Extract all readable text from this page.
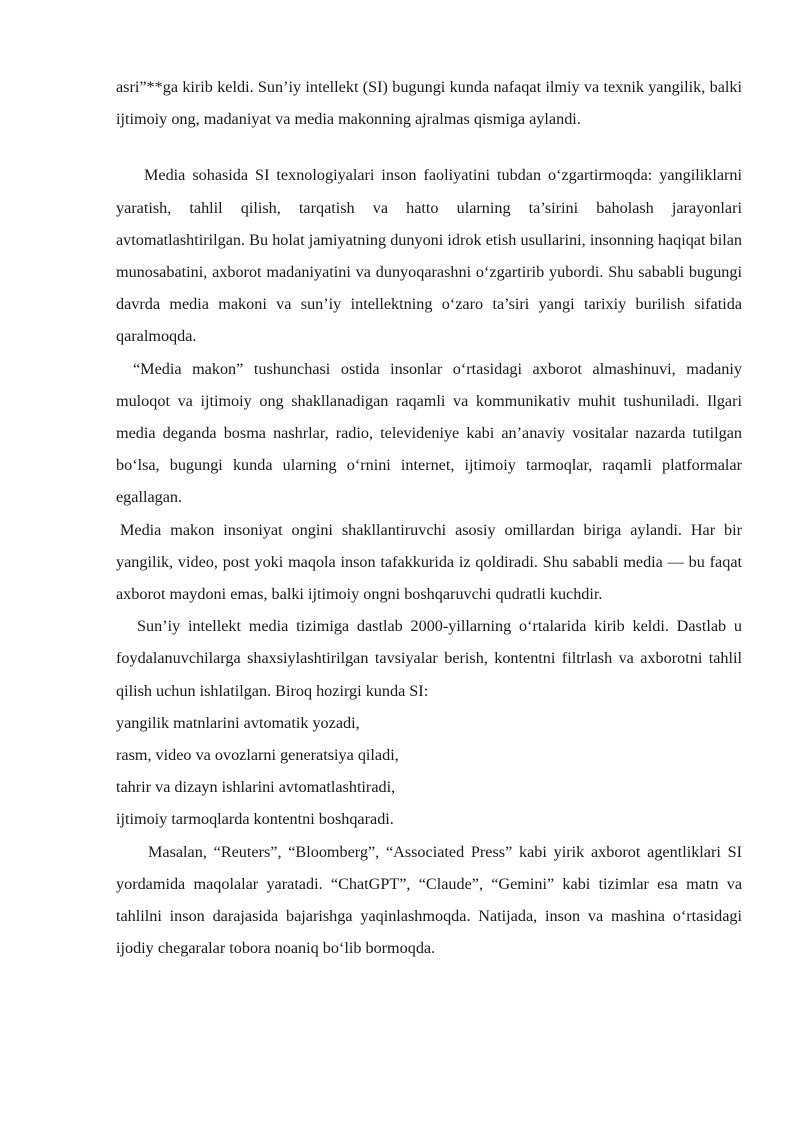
asri”**ga kirib keldi. Sun’iy intellekt (SI) bugungi kunda nafaqat ilmiy va texnik yangilik, balki ijtimoiy ong, madaniyat va media makonning ajralmas qismiga aylandi.

Media sohasida SI texnologiyalari inson faoliyatini tubdan o‘zgartirmoqda: yangiliklarni yaratish, tahlil qilish, tarqatish va hatto ularning ta’sirini baholash jarayonlari avtomatlashtirilgan. Bu holat jamiyatning dunyoni idrok etish usullarini, insonning haqiqat bilan munosabatini, axborot madaniyatini va dunyoqarashni o‘zgartirib yubordi. Shu sababli bugungi davrda media makoni va sun’iy intellektning o‘zaro ta’siri yangi tarixiy burilish sifatida qaralmoqda.

“Media makon” tushunchasi ostida insonlar o‘rtasidagi axborot almashinuvi, madaniy muloqot va ijtimoiy ong shakllanadigan raqamli va kommunikativ muhit tushuniladi. Ilgari media deganda bosma nashrlar, radio, televideniye kabi an’anaviy vositalar nazarda tutilgan bo‘lsa, bugungi kunda ularning o‘rnini internet, ijtimoiy tarmoqlar, raqamli platformalar egallagan.

Media makon insoniyat ongini shakllantiruvchi asosiy omillardan biriga aylandi. Har bir yangilik, video, post yoki maqola inson tafakkurida iz qoldiradi. Shu sababli media — bu faqat axborot maydoni emas, balki ijtimoiy ongni boshqaruvchi qudratli kuchdir.

Sun’iy intellekt media tizimiga dastlab 2000-yillarning o‘rtalarida kirib keldi. Dastlab u foydalanuvchilarga shaxsiylashtirilgan tavsiyalar berish, kontentni filtrlash va axborotni tahlil qilish uchun ishlatilgan. Biroq hozirgi kunda SI:

yangilik matnlarini avtomatik yozadi,

rasm, video va ovozlarni generatsiya qiladi,

tahrir va dizayn ishlarini avtomatlashtiradi,

ijtimoiy tarmoqlarda kontentni boshqaradi.

Masalan, “Reuters”, “Bloomberg”, “Associated Press” kabi yirik axborot agentliklari SI yordamida maqolalar yaratadi. “ChatGPT”, “Claude”, “Gemini” kabi tizimlar esa matn va tahlilni inson darajasida bajarishga yaqinlashmoqda. Natijada, inson va mashina o‘rtasidagi ijodiy chegaralar tobora noaniq bo‘lib bormoqda.
